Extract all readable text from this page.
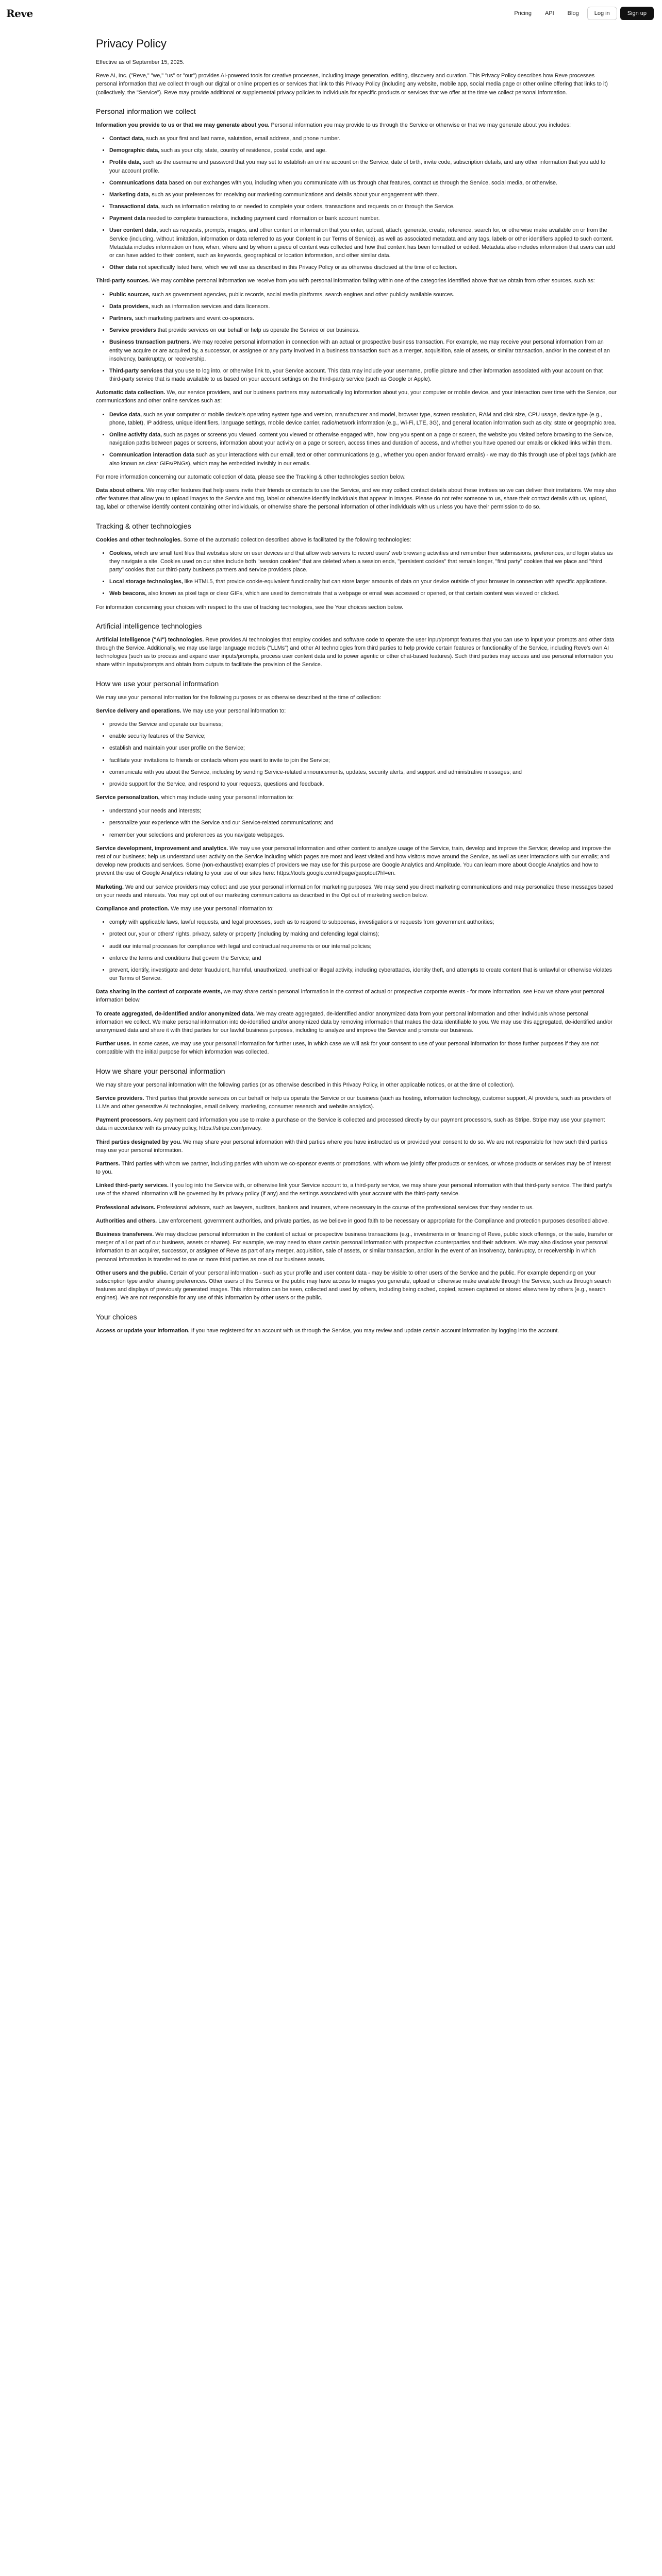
Reve	Pricing	API	Blog	Log in	Sign up
Privacy Policy

Effective as of September 15, 2025.

Reve AI, Inc. ("Reve," "we," "us" or "our") provides AI-powered tools for creative processes, including image generation, editing, discovery and curation. This Privacy Policy describes how Reve processes personal information that we collect through our digital or online properties or services that link to this Privacy Policy (including any website, mobile app, social media page or other online offering that links to it) (collectively, the "Service"). Reve may provide additional or supplemental privacy policies to individuals for specific products or services that we offer at the time we collect personal information.

Personal information we collect

Information you provide to us or that we may generate about you. Personal information you may provide to us through the Service or otherwise or that we may generate about you includes:

• Contact data, such as your first and last name, salutation, email address, and phone number.
• Demographic data, such as your city, state, country of residence, postal code, and age.
• Profile data, such as the username and password that you may set to establish an online account on the Service, date of birth, invite code, subscription details, and any other information that you add to your account profile.
• Communications data based on our exchanges with you, including when you communicate with us through chat features, contact us through the Service, social media, or otherwise.
• Marketing data, such as your preferences for receiving our marketing communications and details about your engagement with them.
• Transactional data, such as information relating to or needed to complete your orders, transactions and requests on or through the Service.
• Payment data needed to complete transactions, including payment card information or bank account number.
• User content data, such as requests, prompts, images, and other content or information that you enter, upload, attach, generate, create, reference, search for, or otherwise make available on or from the Service (including, without limitation, information or data referred to as your Content in our Terms of Service), as well as associated metadata and any tags, labels or other identifiers applied to such content. Metadata includes information on how, when, where and by whom a piece of content was collected and how that content has been formatted or edited. Metadata also includes information that users can add or can have added to their content, such as keywords, geographical or location information, and other similar data.
• Other data not specifically listed here, which we will use as described in this Privacy Policy or as otherwise disclosed at the time of collection.

Third-party sources. We may combine personal information we receive from you with personal information falling within one of the categories identified above that we obtain from other sources, such as:

• Public sources, such as government agencies, public records, social media platforms, search engines and other publicly available sources.
• Data providers, such as information services and data licensors.
• Partners, such marketing partners and event co-sponsors.
• Service providers that provide services on our behalf or help us operate the Service or our business.
• Business transaction partners. We may receive personal information in connection with an actual or prospective business transaction. For example, we may receive your personal information from an entity we acquire or are acquired by, a successor, or assignee or any party involved in a business transaction such as a merger, acquisition, sale of assets, or similar transaction, and/or in the context of an insolvency, bankruptcy, or receivership.
• Third-party services that you use to log into, or otherwise link to, your Service account. This data may include your username, profile picture and other information associated with your account on that third-party service that is made available to us based on your account settings on the third-party service (such as Google or Apple).

Automatic data collection. We, our service providers, and our business partners may automatically log information about you, your computer or mobile device, and your interaction over time with the Service, our communications and other online services such as:

• Device data, such as your computer or mobile device's operating system type and version, manufacturer and model, browser type, screen resolution, RAM and disk size, CPU usage, device type (e.g., phone, tablet), IP address, unique identifiers, language settings, mobile device carrier, radio/network information (e.g., Wi-Fi, LTE, 3G), and general location information such as city, state or geographic area.
• Online activity data, such as pages or screens you viewed, content you viewed or otherwise engaged with, how long you spent on a page or screen, the website you visited before browsing to the Service, navigation paths between pages or screens, information about your activity on a page or screen, access times and duration of access, and whether you have opened our emails or clicked links within them.
• Communication interaction data such as your interactions with our email, text or other communications (e.g., whether you open and/or forward emails) - we may do this through use of pixel tags (which are also known as clear GIFs/PNGs), which may be embedded invisibly in our emails.

For more information concerning our automatic collection of data, please see the Tracking & other technologies section below.

Data about others. We may offer features that help users invite their friends or contacts to use the Service, and we may collect contact details about these invitees so we can deliver their invitations. We may also offer features that allow you to upload images to the Service and tag, label or otherwise identify individuals that appear in images. Please do not refer someone to us, share their contact details with us, upload, tag, label or otherwise identify content containing other individuals, or otherwise share the personal information of other individuals with us unless you have their permission to do so.

Tracking & other technologies

Cookies and other technologies. Some of the automatic collection described above is facilitated by the following technologies:

• Cookies, which are small text files that websites store on user devices and that allow web servers to record users' web browsing activities and remember their submissions, preferences, and login status as they navigate a site. Cookies used on our sites include both "session cookies" that are deleted when a session ends, "persistent cookies" that remain longer, "first party" cookies that we place and "third party" cookies that our third-party business partners and service providers place.
• Local storage technologies, like HTML5, that provide cookie-equivalent functionality but can store larger amounts of data on your device outside of your browser in connection with specific applications.
• Web beacons, also known as pixel tags or clear GIFs, which are used to demonstrate that a webpage or email was accessed or opened, or that certain content was viewed or clicked.

For information concerning your choices with respect to the use of tracking technologies, see the Your choices section below.

Artificial intelligence technologies

Artificial intelligence ("AI") technologies. Reve provides AI technologies that employ cookies and software code to operate the user input/prompt features that you can use to input your prompts and other data through the Service. Additionally, we may use large language models ("LLMs") and other AI technologies from third parties to help provide certain features or functionality of the Service, including Reve's own AI technologies (such as to process and expand user inputs/prompts, process user content data and to power agentic or other chat-based features). Such third parties may access and use personal information you share within inputs/prompts and obtain from outputs to facilitate the provision of the Service.

How we use your personal information

We may use your personal information for the following purposes or as otherwise described at the time of collection:

Service delivery and operations. We may use your personal information to:

• provide the Service and operate our business;
• enable security features of the Service;
• establish and maintain your user profile on the Service;
• facilitate your invitations to friends or contacts whom you want to invite to join the Service;
• communicate with you about the Service, including by sending Service-related announcements, updates, security alerts, and support and administrative messages; and
• provide support for the Service, and respond to your requests, questions and feedback.

Service personalization, which may include using your personal information to:

• understand your needs and interests;
• personalize your experience with the Service and our Service-related communications; and
• remember your selections and preferences as you navigate webpages.

Service development, improvement and analytics. We may use your personal information and other content to analyze usage of the Service, train, develop and improve the Service; develop and improve the rest of our business; help us understand user activity on the Service including which pages are most and least visited and how visitors move around the Service, as well as user interactions with our emails; and develop new products and services. Some (non-exhaustive) examples of providers we may use for this purpose are Google Analytics and Amplitude. You can learn more about Google Analytics and how to prevent the use of Google Analytics relating to your use of our sites here: https://tools.google.com/dlpage/gaoptout?hl=en.

Marketing. We and our service providers may collect and use your personal information for marketing purposes. We may send you direct marketing communications and may personalize these messages based on your needs and interests. You may opt out of our marketing communications as described in the Opt out of marketing section below.

Compliance and protection. We may use your personal information to:

• comply with applicable laws, lawful requests, and legal processes, such as to respond to subpoenas, investigations or requests from government authorities;
• protect our, your or others' rights, privacy, safety or property (including by making and defending legal claims);
• audit our internal processes for compliance with legal and contractual requirements or our internal policies;
• enforce the terms and conditions that govern the Service; and
• prevent, identify, investigate and deter fraudulent, harmful, unauthorized, unethical or illegal activity, including cyberattacks, identity theft, and attempts to create content that is unlawful or otherwise violates our Terms of Service.

Data sharing in the context of corporate events, we may share certain personal information in the context of actual or prospective corporate events - for more information, see How we share your personal information below.

To create aggregated, de-identified and/or anonymized data. We may create aggregated, de-identified and/or anonymized data from your personal information and other individuals whose personal information we collect. We make personal information into de-identified and/or anonymized data by removing information that makes the data identifiable to you. We may use this aggregated, de-identified and/or anonymized data and share it with third parties for our lawful business purposes, including to analyze and improve the Service and promote our business.

Further uses. In some cases, we may use your personal information for further uses, in which case we will ask for your consent to use of your personal information for those further purposes if they are not compatible with the initial purpose for which information was collected.

How we share your personal information

We may share your personal information with the following parties (or as otherwise described in this Privacy Policy, in other applicable notices, or at the time of collection).

Service providers. Third parties that provide services on our behalf or help us operate the Service or our business (such as hosting, information technology, customer support, AI providers, such as providers of LLMs and other generative AI technologies, email delivery, marketing, consumer research and website analytics).

Payment processors. Any payment card information you use to make a purchase on the Service is collected and processed directly by our payment processors, such as Stripe. Stripe may use your payment data in accordance with its privacy policy, https://stripe.com/privacy.

Third parties designated by you. We may share your personal information with third parties where you have instructed us or provided your consent to do so. We are not responsible for how such third parties may use your personal information.

Partners. Third parties with whom we partner, including parties with whom we co-sponsor events or promotions, with whom we jointly offer products or services, or whose products or services may be of interest to you.

Linked third-party services. If you log into the Service with, or otherwise link your Service account to, a third-party service, we may share your personal information with that third-party service. The third party's use of the shared information will be governed by its privacy policy (if any) and the settings associated with your account with the third-party service.

Professional advisors. Professional advisors, such as lawyers, auditors, bankers and insurers, where necessary in the course of the professional services that they render to us.

Authorities and others. Law enforcement, government authorities, and private parties, as we believe in good faith to be necessary or appropriate for the Compliance and protection purposes described above.

Business transferees. We may disclose personal information in the context of actual or prospective business transactions (e.g., investments in or financing of Reve, public stock offerings, or the sale, transfer or merger of all or part of our business, assets or shares). For example, we may need to share certain personal information with prospective counterparties and their advisers. We may also disclose your personal information to an acquirer, successor, or assignee of Reve as part of any merger, acquisition, sale of assets, or similar transaction, and/or in the event of an insolvency, bankruptcy, or receivership in which personal information is transferred to one or more third parties as one of our business assets.

Other users and the public. Certain of your personal information - such as your profile and user content data - may be visible to other users of the Service and the public. For example depending on your subscription type and/or sharing preferences. Other users of the Service or the public may have access to images you generate, upload or otherwise make available through the Service, such as through search features and displays of previously generated images. This information can be seen, collected and used by others, including being cached, copied, screen captured or stored elsewhere by others (e.g., search engines). We are not responsible for any use of this information by other users or the public.

Your choices

Access or update your information. If you have registered for an account with us through the Service, you may review and update certain account information by logging into the account.
